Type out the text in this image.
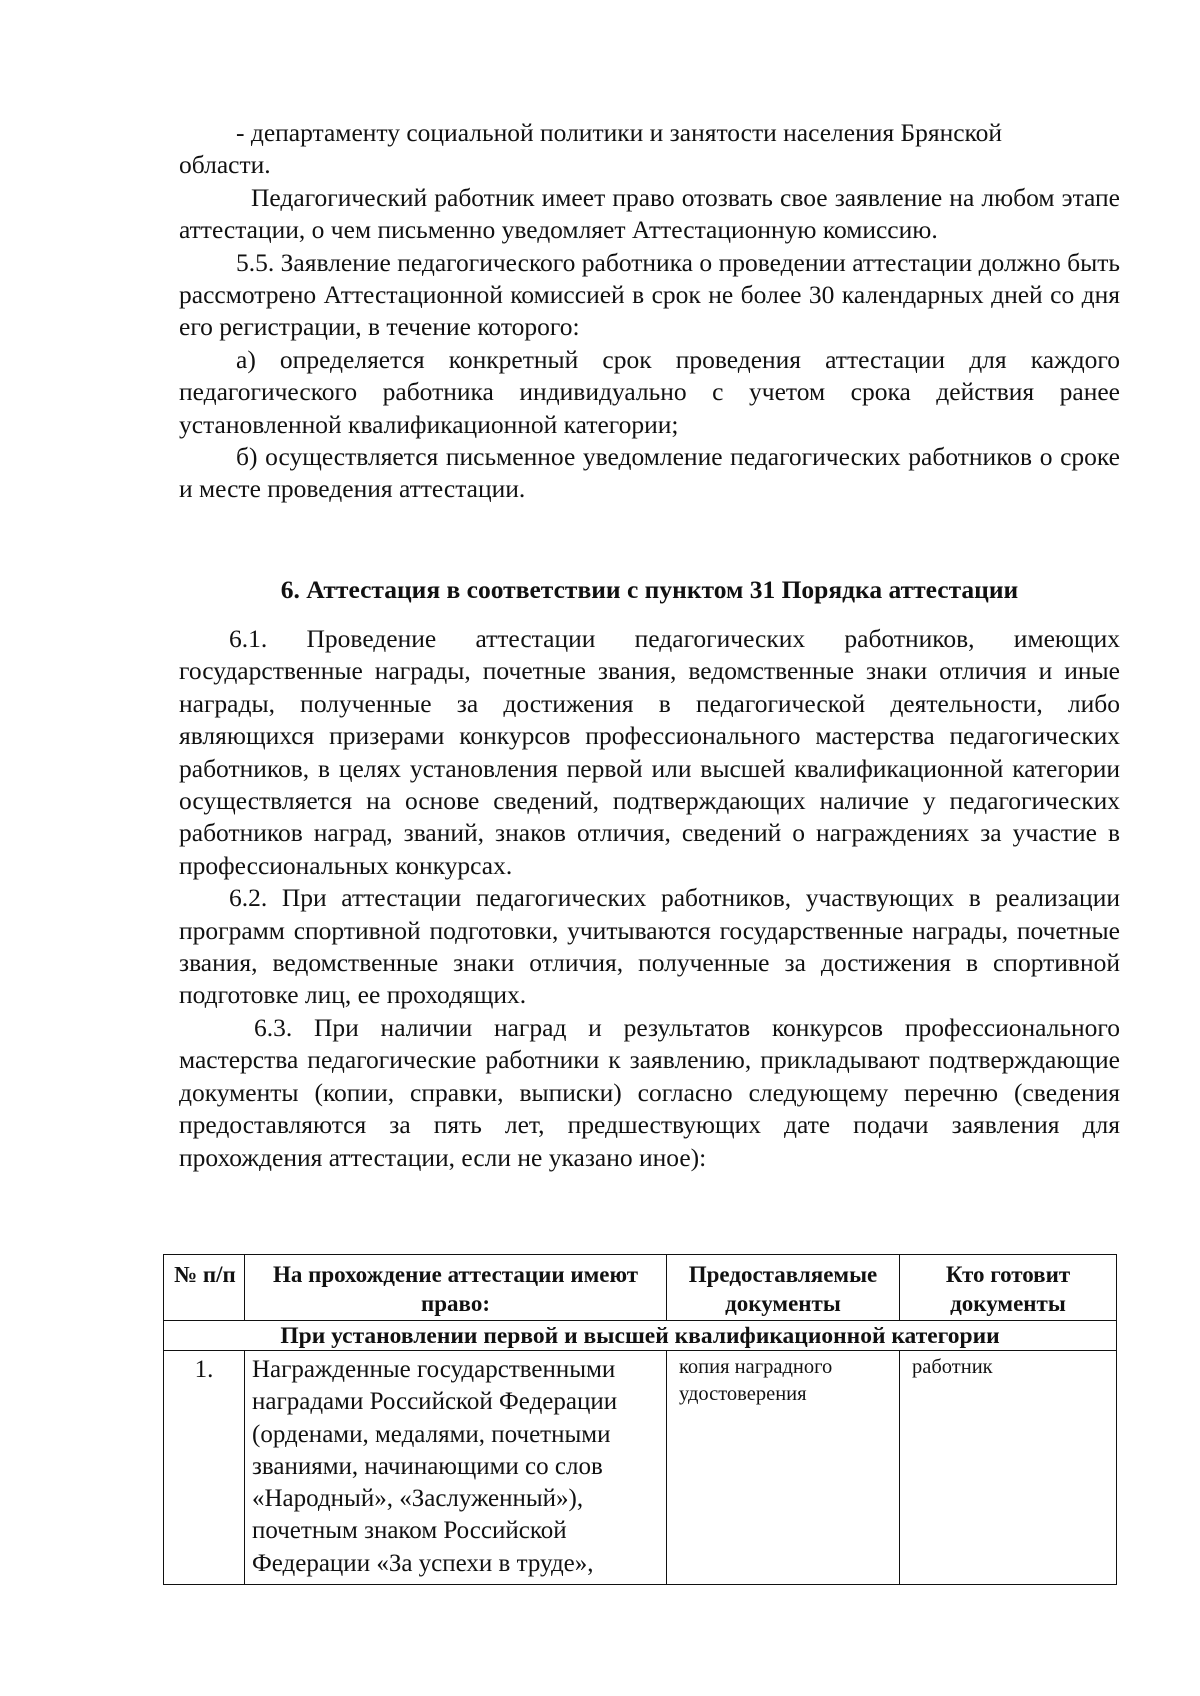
- департаменту социальной политики и занятости населения Брянской
области.

Педагогический работник имеет право отозвать свое заявление на любом этапе аттестации, о чем письменно уведомляет Аттестационную комиссию.

5.5. Заявление педагогического работника о проведении аттестации должно быть рассмотрено Аттестационной комиссией в срок не более 30 календарных дней со дня его регистрации, в течение которого:

а) определяется конкретный срок проведения аттестации для каждого педагогического работника индивидуально с учетом срока действия ранее установленной квалификационной категории;

б) осуществляется письменное уведомление педагогических работников о сроке и месте проведения аттестации.

6. Аттестация в соответствии с пунктом 31 Порядка аттестации

6.1. Проведение аттестации педагогических работников, имеющих государственные награды, почетные звания, ведомственные знаки отличия и иные награды, полученные за достижения в педагогической деятельности, либо являющихся призерами конкурсов профессионального мастерства педагогических работников, в целях установления первой или высшей квалификационной категории осуществляется на основе сведений, подтверждающих наличие у педагогических работников наград, званий, знаков отличия, сведений о награждениях за участие в профессиональных конкурсах.

6.2. При аттестации педагогических работников, участвующих в реализации программ спортивной подготовки, учитываются государственные награды, почетные звания, ведомственные знаки отличия, полученные за достижения в спортивной подготовке лиц, ее проходящих.

6.3. При наличии наград и результатов конкурсов профессионального мастерства педагогические работники к заявлению, прикладывают подтверждающие документы (копии, справки, выписки) согласно следующему перечню (сведения предоставляются за пять лет, предшествующих дате подачи заявления для прохождения аттестации, если не указано иное):

№ п/п	На прохождение аттестации имеют право:	Предоставляемые документы	Кто готовит документы
При установлении первой и высшей квалификационной категории			
1.	Награжденные государственными наградами Российской Федерации (орденами, медалями, почетными званиями, начинающими со слов «Народный», «Заслуженный»), почетным знаком Российской Федерации «За успехи в труде»,	копия наградного удостоверения	работник
